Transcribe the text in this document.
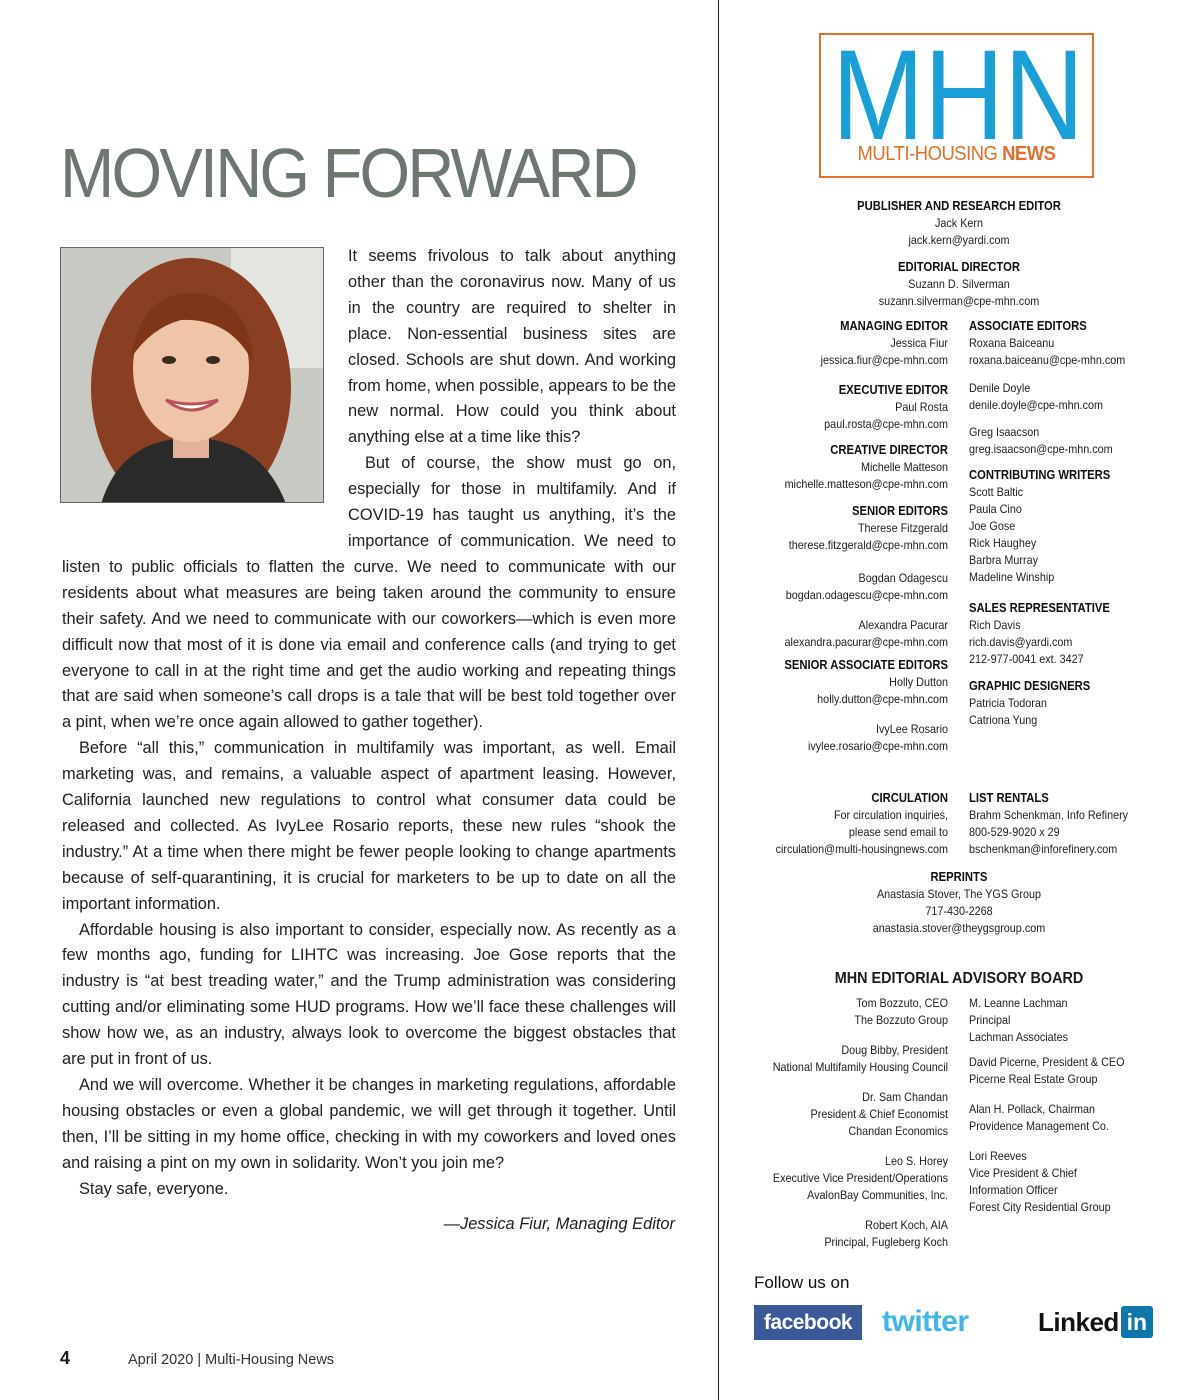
MOVING FORWARD

It seems frivolous to talk about anything other than the coronavirus now. Many of us in the country are required to shelter in place. Non-essential business sites are closed. Schools are shut down. And working from home, when possible, appears to be the new normal. How could you think about anything else at a time like this?

But of course, the show must go on, especially for those in multifamily. And if COVID-19 has taught us anything, it’s the importance of communication. We need to listen to public officials to flatten the curve. We need to communicate with our residents about what measures are being taken around the community to ensure their safety. And we need to communicate with our coworkers—which is even more difficult now that most of it is done via email and conference calls (and trying to get everyone to call in at the right time and get the audio working and repeating things that are said when someone’s call drops is a tale that will be best told together over a pint, when we’re once again allowed to gather together).

Before “all this,” communication in multifamily was important, as well. Email marketing was, and remains, a valuable aspect of apartment leasing. However, California launched new regulations to control what consumer data could be released and collected. As IvyLee Rosario reports, these new rules “shook the industry.” At a time when there might be fewer people looking to change apartments because of self-quarantining, it is crucial for marketers to be up to date on all the important information.

Affordable housing is also important to consider, especially now. As recently as a few months ago, funding for LIHTC was increasing. Joe Gose reports that the industry is “at best treading water,” and the Trump administration was considering cutting and/or eliminating some HUD programs. How we’ll face these challenges will show how we, as an industry, always look to overcome the biggest obstacles that are put in front of us.

And we will overcome. Whether it be changes in marketing regulations, affordable housing obstacles or even a global pandemic, we will get through it together. Until then, I’ll be sitting in my home office, checking in with my coworkers and loved ones and raising a pint on my own in solidarity. Won’t you join me?

Stay safe, everyone.

—Jessica Fiur, Managing Editor
4	April 2020 | Multi-Housing News
MHN
MULTI-HOUSING NEWS
PUBLISHER AND RESEARCH EDITOR
Jack Kern
jack.kern@yardi.com
EDITORIAL DIRECTOR
Suzann D. Silverman
suzann.silverman@cpe-mhn.com
MANAGING EDITOR
Jessica Fiur
jessica.fiur@cpe-mhn.com
EXECUTIVE EDITOR
Paul Rosta
paul.rosta@cpe-mhn.com
CREATIVE DIRECTOR
Michelle Matteson
michelle.matteson@cpe-mhn.com
SENIOR EDITORS
Therese Fitzgerald
therese.fitzgerald@cpe-mhn.com
Bogdan Odagescu
bogdan.odagescu@cpe-mhn.com
Alexandra Pacurar
alexandra.pacurar@cpe-mhn.com
SENIOR ASSOCIATE EDITORS
Holly Dutton
holly.dutton@cpe-mhn.com
IvyLee Rosario
ivylee.rosario@cpe-mhn.com
ASSOCIATE EDITORS
Roxana Baiceanu
roxana.baiceanu@cpe-mhn.com
Denile Doyle
denile.doyle@cpe-mhn.com
Greg Isaacson
greg.isaacson@cpe-mhn.com
CONTRIBUTING WRITERS
Scott Baltic
Paula Cino
Joe Gose
Rick Haughey
Barbra Murray
Madeline Winship
SALES REPRESENTATIVE
Rich Davis
rich.davis@yardi.com
212-977-0041 ext. 3427
GRAPHIC DESIGNERS
Patricia Todoran
Catriona Yung
CIRCULATION
For circulation inquiries,
please send email to
circulation@multi-housingnews.com
LIST RENTALS
Brahm Schenkman, Info Refinery
800-529-9020 x 29
bschenkman@inforefinery.com
REPRINTS
Anastasia Stover, The YGS Group
717-430-2268
anastasia.stover@theygsgroup.com
MHN EDITORIAL ADVISORY BOARD
Tom Bozzuto, CEO
The Bozzuto Group
Doug Bibby, President
National Multifamily Housing Council
Dr. Sam Chandan
President & Chief Economist
Chandan Economics
Leo S. Horey
Executive Vice President/Operations
AvalonBay Communities, Inc.
Robert Koch, AIA
Principal, Fugleberg Koch
M. Leanne Lachman
Principal
Lachman Associates
David Picerne, President & CEO
Picerne Real Estate Group
Alan H. Pollack, Chairman
Providence Management Co.
Lori Reeves
Vice President & Chief
Information Officer
Forest City Residential Group
Follow us on
facebook twitter	Linked in
